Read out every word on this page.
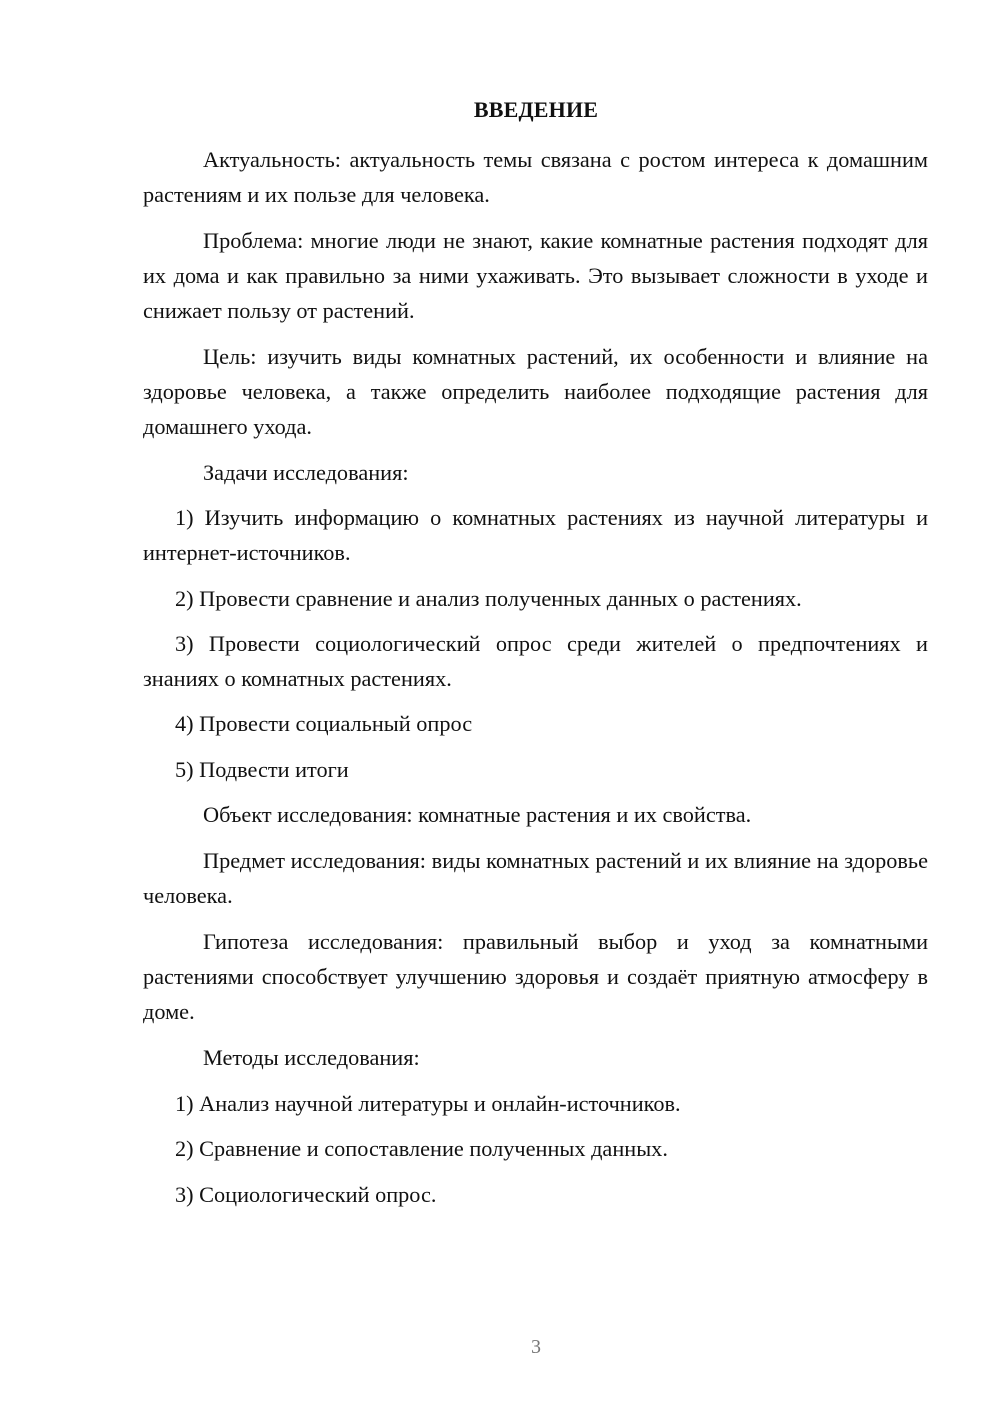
ВВЕДЕНИЕ

Актуальность: актуальность темы связана с ростом интереса к домашним растениям и их пользе для человека.

Проблема: многие люди не знают, какие комнатные растения подходят для их дома и как правильно за ними ухаживать. Это вызывает сложности в уходе и снижает пользу от растений.

Цель: изучить виды комнатных растений, их особенности и влияние на здоровье человека, а также определить наиболее подходящие растения для домашнего ухода.

Задачи исследования:

1) Изучить информацию о комнатных растениях из научной литературы и интернет-источников.

2) Провести сравнение и анализ полученных данных о растениях.

3) Провести социологический опрос среди жителей о предпочтениях и знаниях о комнатных растениях.

4) Провести социальный опрос

5) Подвести итоги

Объект исследования: комнатные растения и их свойства.

Предмет исследования: виды комнатных растений и их влияние на здоровье человека.

Гипотеза исследования: правильный выбор и уход за комнатными растениями способствует улучшению здоровья и создаёт приятную атмосферу в доме.

Методы исследования:

1) Анализ научной литературы и онлайн-источников.

2) Сравнение и сопоставление полученных данных.

3) Социологический опрос.

3
